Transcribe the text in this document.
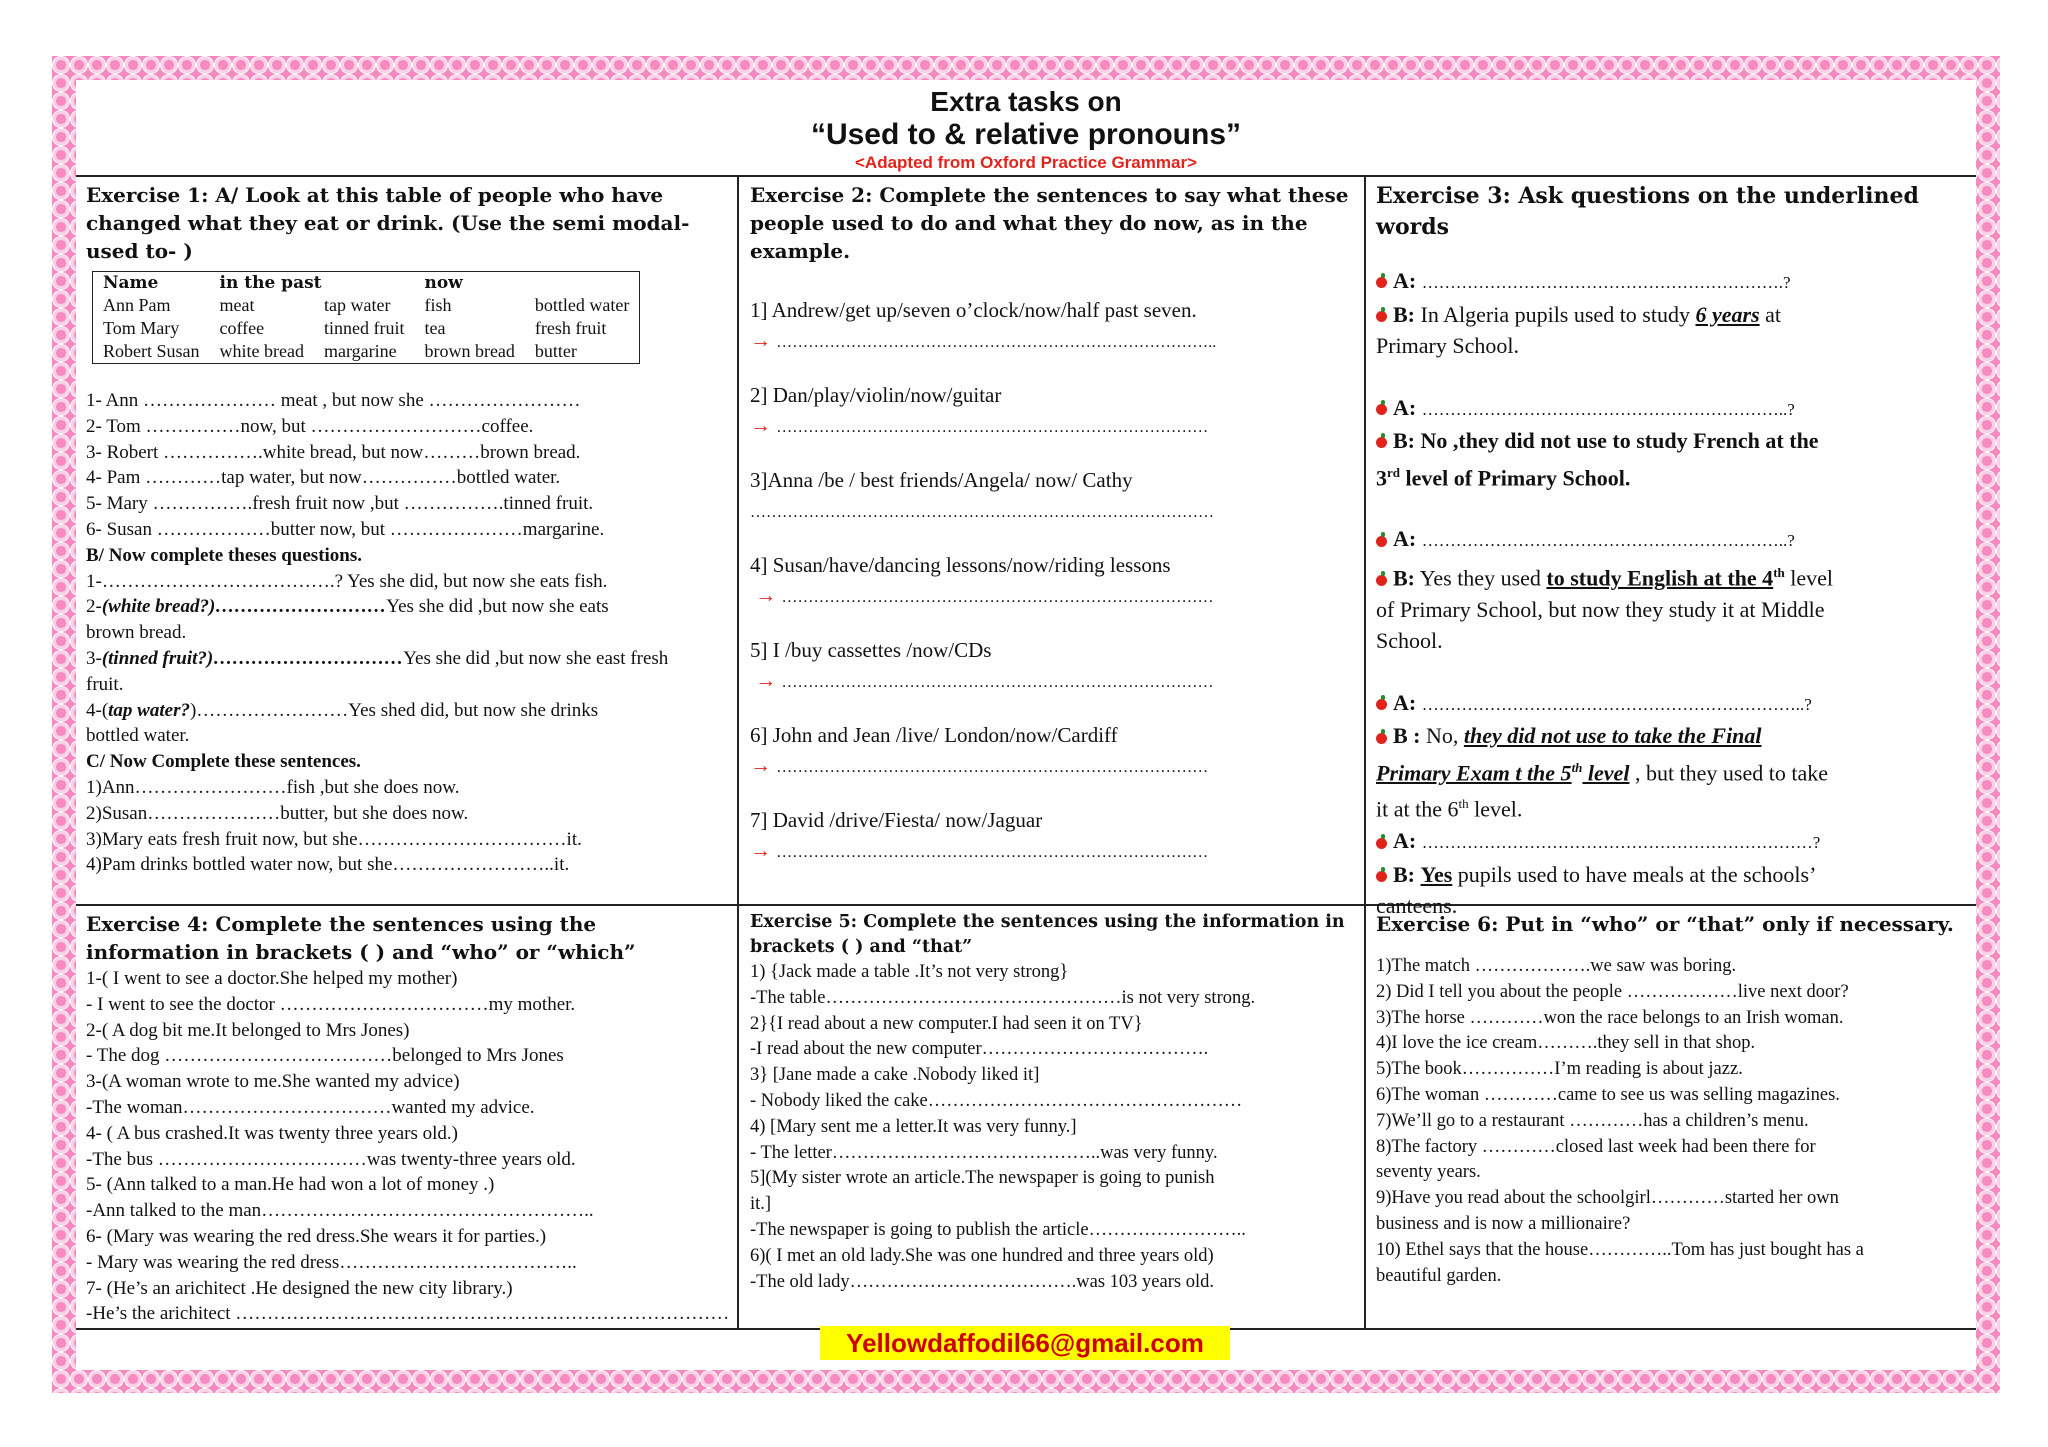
Extra tasks on
“Used to & relative pronouns”
<Adapted from Oxford Practice Grammar>
Exercise 1: A/ Look at this table of people who have changed what they eat or drink. (Use the semi modal- used to- )
Name	in the past		now	
Ann Pam	meat	tap water	fish	bottled water
Tom Mary	coffee	tinned fruit	tea	fresh fruit
Robert Susan	white bread	margarine	brown bread	butter
1- Ann ………………… meat , but now she ……………………
2- Tom ……………now, but ………………………coffee.
3- Robert …………….white bread, but now………brown bread.
4- Pam …………tap water, but now……………bottled water.
5- Mary …………….fresh fruit now ,but …………….tinned fruit.
6- Susan ………………butter now, but …………………margarine.
B/ Now complete theses questions.
1-……………………………….? Yes she did, but now she eats fish.
2-(white bread?)………………………Yes she did ,but now she eats
brown bread.
3-(tinned fruit?)…………………………Yes she did ,but now she east fresh
fruit.
4-(tap water?)……………………Yes shed did, but now she drinks
bottled water.
C/ Now Complete these sentences.
1)Ann……………………fish ,but she does now.
2)Susan…………………butter, but she does now.
3)Mary eats fresh fruit now, but she……………………………it.
4)Pam drinks bottled water now, but she……………………..it.
Exercise 2: Complete the sentences to say what these people used to do and what they do now, as in the example.
1] Andrew/get up/seven o’clock/now/half past seven.
→ ………………………………………………………………………..
2] Dan/play/violin/now/guitar
→ ………………………………………………………………………
3]Anna /be / best friends/Angela/ now/ Cathy
……………………………………………………………………………
4] Susan/have/dancing lessons/now/riding lessons
→ ………………………………………………………………………
5] I /buy cassettes /now/CDs
→ ………………………………………………………………………
6] John and Jean /live/ London/now/Cardiff
→ ………………………………………………………………………
7] David /drive/Fiesta/ now/Jaguar
→ ………………………………………………………………………
Exercise 3: Ask questions on the underlined words
A: ……………………………………………………….?
B: In Algeria pupils used to study 6 years at
Primary School.
A: ………………………………………………………..?
B: No ,they did not use to study French at the
3rd level of Primary School.
A: ………………………………………………………..?
B: Yes they used to study English at the 4th level
of Primary School, but now they study it at Middle
School.
A: …………………………………………………………..?
B : No, they did not use to take the Final
Primary Exam t the 5th level , but they used to take
it at the 6th level.
A: ……………………………………………………………?
B: Yes pupils used to have meals at the schools’
canteens.
Exercise 4: Complete the sentences using the information in brackets ( ) and “who” or “which”
1-( I went to see a doctor.She helped my mother)
- I went to see the doctor ……………………………my mother.
2-( A dog bit me.It belonged to Mrs Jones)
- The dog ………………………………belonged to Mrs Jones
3-(A woman wrote to me.She wanted my advice)
-The woman……………………………wanted my advice.
4- ( A bus crashed.It was twenty three years old.)
-The bus ……………………………was twenty-three years old.
5- (Ann talked to a man.He had won a lot of money .)
-Ann talked to the man……………………………………………..
6- (Mary was wearing the red dress.She wears it for parties.)
- Mary was wearing the red dress………………………………..
7- (He’s an arichitect .He designed the new city library.)
-He’s the arichitect ……………………………………………………………………
Exercise 5: Complete the sentences using the information in brackets ( ) and “that”
1) {Jack made a table .It’s not very strong}
-The table…………………………………………is not very strong.
2}{I read about a new computer.I had seen it on TV}
-I read about the new computer……………………………….
3} [Jane made a cake .Nobody liked it]
- Nobody liked the cake……………………………………………
4) [Mary sent me a letter.It was very funny.]
- The letter……………………………………..was very funny.
5](My sister wrote an article.The newspaper is going to punish
it.]
-The newspaper is going to publish the article……………………..
6)( I met an old lady.She was one hundred and three years old)
-The old lady……………………………….was 103 years old.
Exercise 6: Put in “who” or “that” only if necessary.
1)The match ……………….we saw was boring.
2) Did I tell you about the people ………………live next door?
3)The horse …………won the race belongs to an Irish woman.
4)I love the ice cream……….they sell in that shop.
5)The book……………I’m reading is about jazz.
6)The woman …………came to see us was selling magazines.
7)We’ll go to a restaurant …………has a children’s menu.
8)The factory …………closed last week had been there for
seventy years.
9)Have you read about the schoolgirl…………started her own
business and is now a millionaire?
10) Ethel says that the house…………..Tom has just bought has a
beautiful garden.
Yellowdaffodil66@gmail.com
